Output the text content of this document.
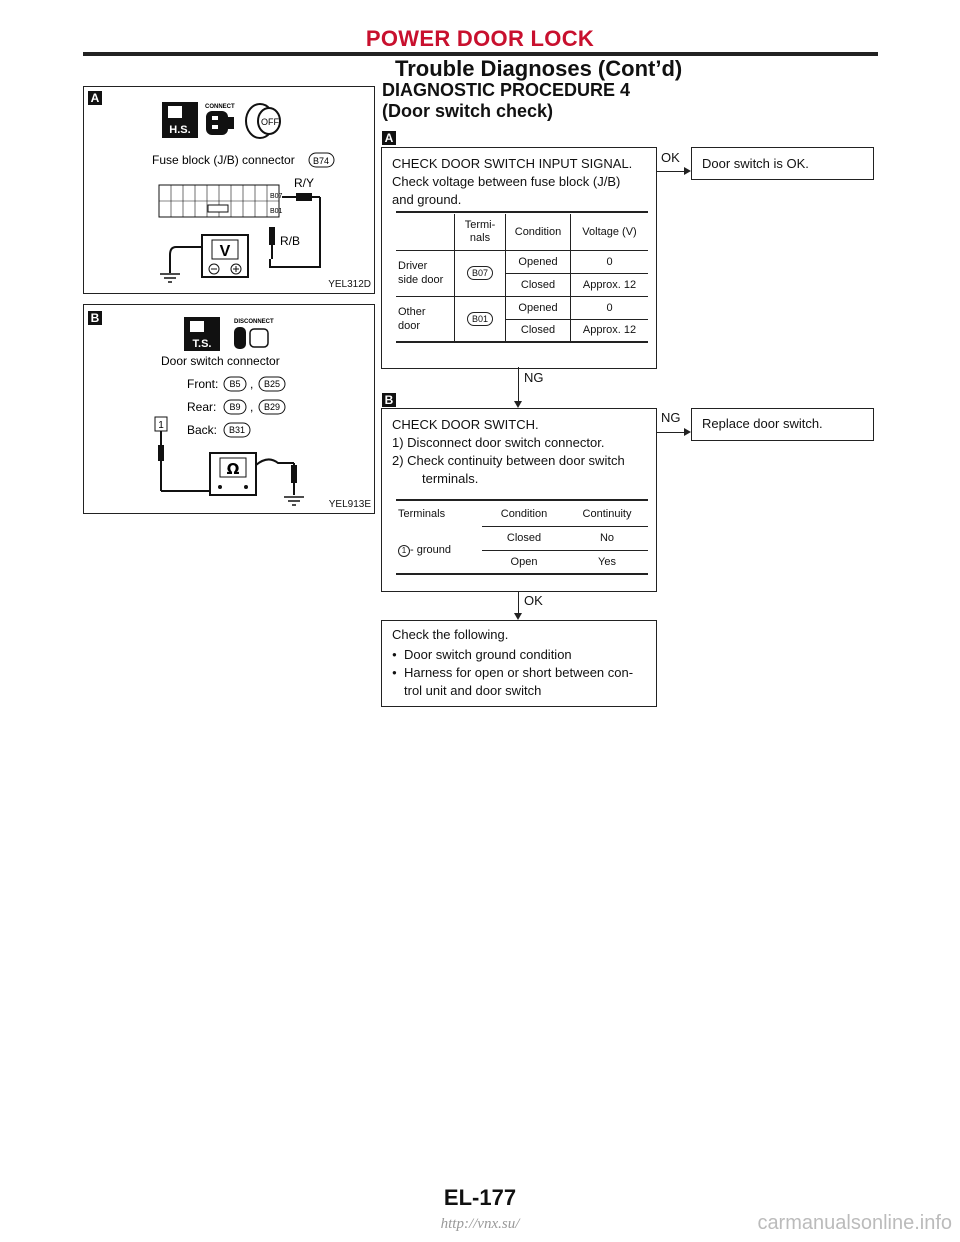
POWER DOOR LOCK
Trouble Diagnoses (Cont’d)
DIAGNOSTIC PROCEDURE 4
(Door switch check)
A
H.S.
CONNECT
OFF
Fuse block (J/B) connector B74
B07
B01
R/Y
R/B
V
YEL312D
B
T.S.
DISCONNECT
Door switch connector
Front: B5 , B25
Rear: B9 , B29
Back: B31
1
Ω
YEL913E
A
CHECK DOOR SWITCH INPUT SIGNAL.
Check voltage between fuse block (J/B)
and ground.
	Termi-
nals	Condition	Voltage (V)
Driver
side door	B07	Opened	0
		Closed	Approx. 12
Other
door	B01	Opened	0
		Closed	Approx. 12
OK	Door switch is OK.
NG
B
CHECK DOOR SWITCH.
1) Disconnect door switch connector.
2) Check continuity between door switch
terminals.
Terminals	Condition	Continuity
1 - ground	Closed	No
	Open	Yes
NG	Replace door switch.
OK
Check the following.
● Door switch ground condition
● Harness for open or short between con-
trol unit and door switch
EL-177
http://vnx.su/	carmanualsonline.info
